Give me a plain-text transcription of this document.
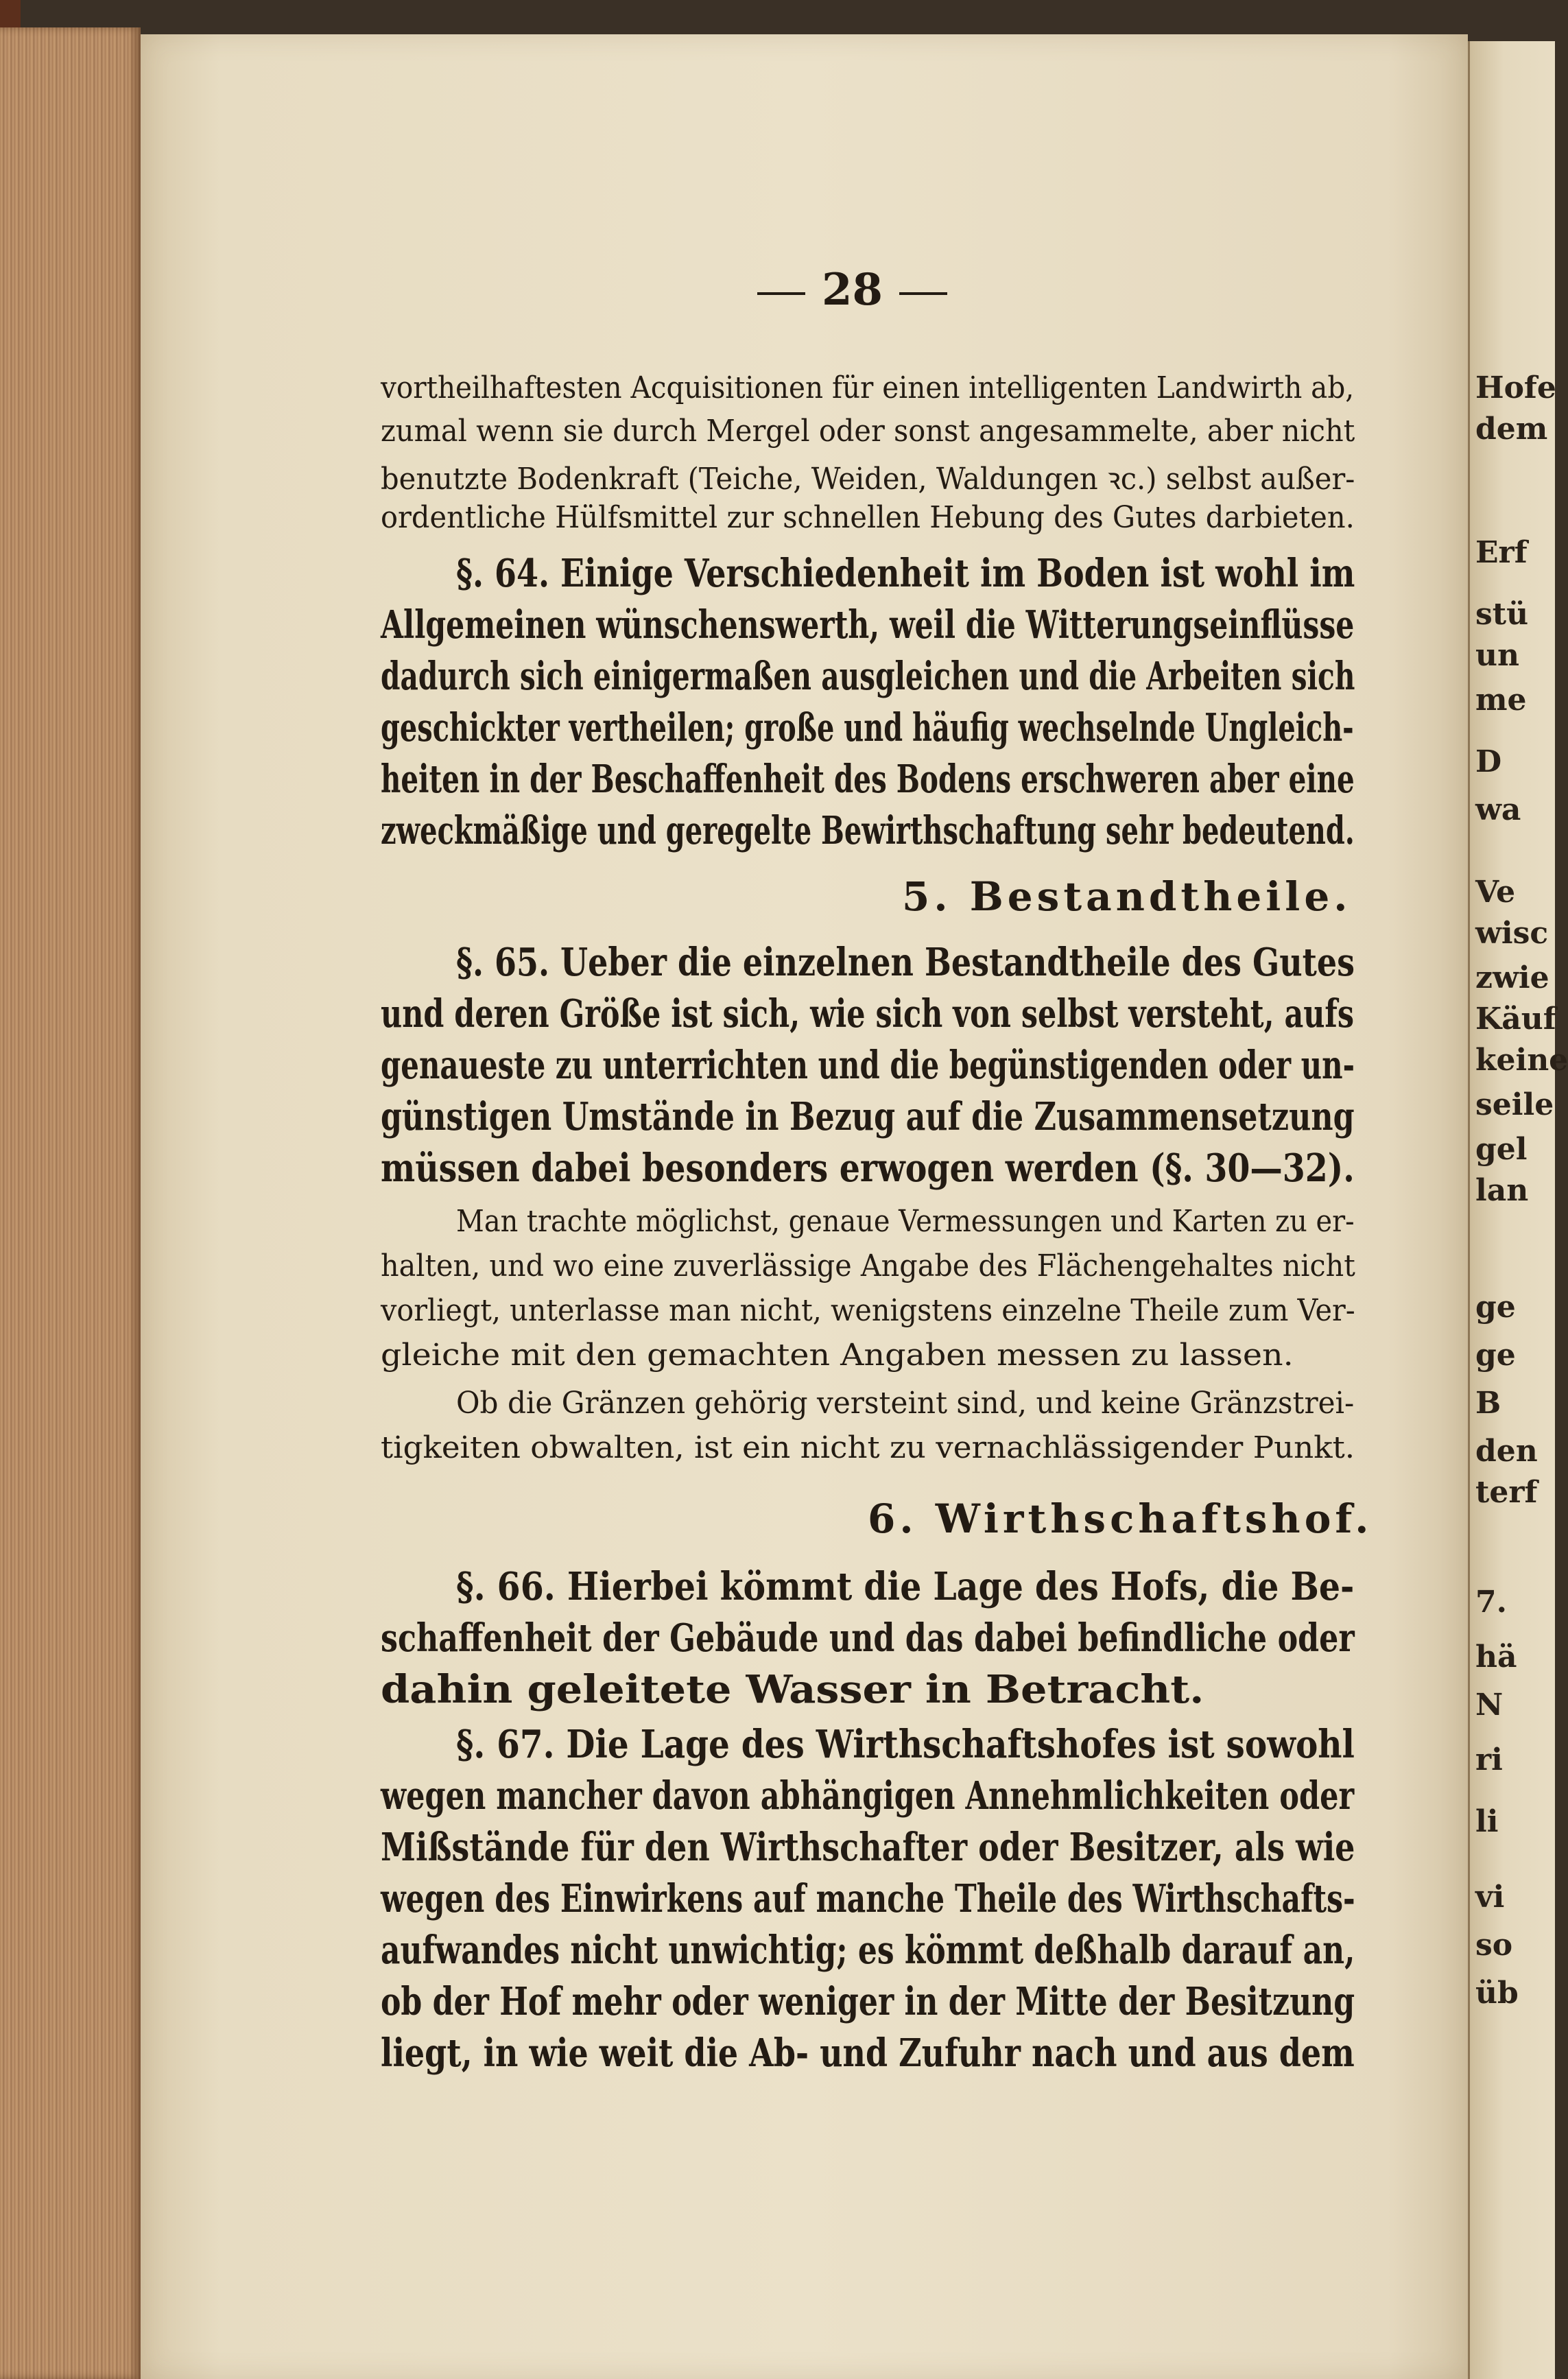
28
vortheilhaftesten Acquisitionen für einen intelligenten Landwirth ab,
zumal wenn sie durch Mergel oder sonst angesammelte, aber nicht
benutzte Bodenkraft (Teiche, Weiden, Waldungen ꝛc.) selbst außer-
ordentliche Hülfsmittel zur schnellen Hebung des Gutes darbieten.
§. 64. Einige Verschiedenheit im Boden ist wohl im
Allgemeinen wünschenswerth, weil die Witterungseinflüsse
dadurch sich einigermaßen ausgleichen und die Arbeiten sich
geschickter vertheilen; große und häufig wechselnde Ungleich-
heiten in der Beschaffenheit des Bodens erschweren aber eine
zweckmäßige und geregelte Bewirthschaftung sehr bedeutend.
5. Bestandtheile.
§. 65. Ueber die einzelnen Bestandtheile des Gutes
und deren Größe ist sich, wie sich von selbst versteht, aufs
genaueste zu unterrichten und die begünstigenden oder un-
günstigen Umstände in Bezug auf die Zusammensetzung
müssen dabei besonders erwogen werden (§. 30—32).
Man trachte möglichst, genaue Vermessungen und Karten zu er-
halten, und wo eine zuverlässige Angabe des Flächengehaltes nicht
vorliegt, unterlasse man nicht, wenigstens einzelne Theile zum Ver-
gleiche mit den gemachten Angaben messen zu lassen.
Ob die Gränzen gehörig versteint sind, und keine Gränzstrei-
tigkeiten obwalten, ist ein nicht zu vernachlässigender Punkt.
6. Wirthschaftshof.
§. 66. Hierbei kömmt die Lage des Hofs, die Be-
schaffenheit der Gebäude und das dabei befindliche oder
dahin geleitete Wasser in Betracht.
§. 67. Die Lage des Wirthschaftshofes ist sowohl
wegen mancher davon abhängigen Annehmlichkeiten oder
Mißstände für den Wirthschafter oder Besitzer, als wie
wegen des Einwirkens auf manche Theile des Wirthschafts-
aufwandes nicht unwichtig; es kömmt deßhalb darauf an,
ob der Hof mehr oder weniger in der Mitte der Besitzung
liegt, in wie weit die Ab- und Zufuhr nach und aus dem
Hofe
dem
Erf
stü
un
me
D
wa
Ve
wisc
zwie
Käuf
keine
seile
gel
lan
ge
ge
B
den
terf
7.
hä
N
ri
li
vi
so
üb
